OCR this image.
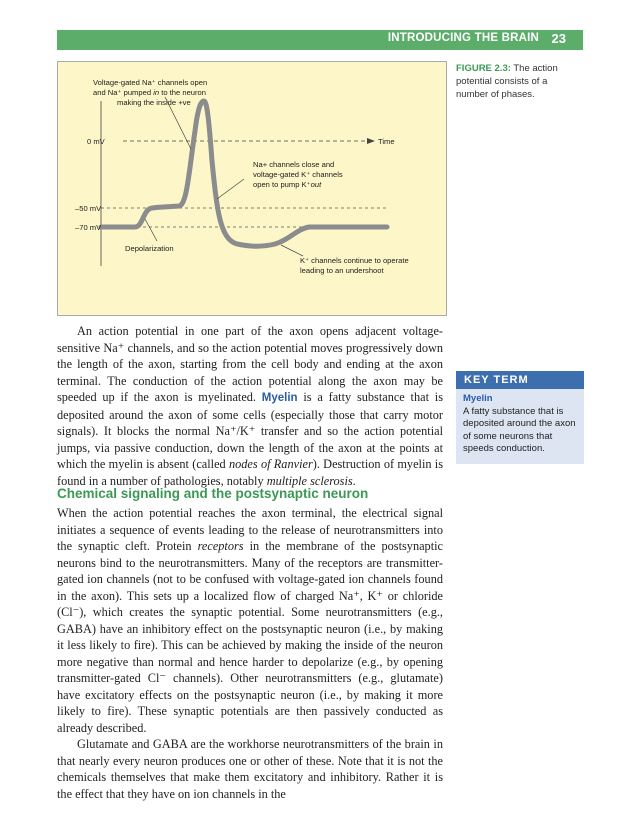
INTRODUCING THE BRAIN 23
Voltage-gated Na⁺ channels open
and Na⁺ pumped in to the neuron
making the inside +ve
0 mV	Time
Na+ channels close and
voltage-gated K⁺ channels
open to pump K⁺out
–50 mV
–70 mV
Depolarization
K⁺ channels continue to operate
leading to an undershoot
FIGURE 2.3: The action potential consists of a number of phases.

An action potential in one part of the axon opens adjacent voltage-sensitive Na⁺ channels, and so the action potential moves progressively down the length of the axon, starting from the cell body and ending at the axon terminal. The conduction of the action potential along the axon may be speeded up if the axon is myelinated. Myelin is a fatty substance that is deposited around the axon of some cells (especially those that carry motor signals). It blocks the normal Na⁺/K⁺ transfer and so the action potential jumps, via passive conduction, down the length of the axon at the points at which the myelin is absent (called nodes of Ranvier). Destruction of myelin is found in a number of pathologies, notably multiple sclerosis.

KEY TERM
Myelin
A fatty substance that is deposited around the axon of some neurons that speeds conduction.
Chemical signaling and the postsynaptic neuron

When the action potential reaches the axon terminal, the electrical signal initiates a sequence of events leading to the release of neurotransmitters into the synaptic cleft. Protein receptors in the membrane of the postsynaptic neurons bind to the neurotransmitters. Many of the receptors are transmitter-gated ion channels (not to be confused with voltage-gated ion channels found in the axon). This sets up a localized flow of charged Na⁺, K⁺ or chloride (Cl⁻), which creates the synaptic potential. Some neurotransmitters (e.g., GABA) have an inhibitory effect on the postsynaptic neuron (i.e., by making it less likely to fire). This can be achieved by making the inside of the neuron more negative than normal and hence harder to depolarize (e.g., by opening transmitter-gated Cl⁻ channels). Other neurotransmitters (e.g., glutamate) have excitatory effects on the postsynaptic neuron (i.e., by making it more likely to fire). These synaptic potentials are then passively conducted as already described.

Glutamate and GABA are the workhorse neurotransmitters of the brain in that nearly every neuron produces one or other of these. Note that it is not the chemicals themselves that make them excitatory and inhibitory. Rather it is the effect that they have on ion channels in the
